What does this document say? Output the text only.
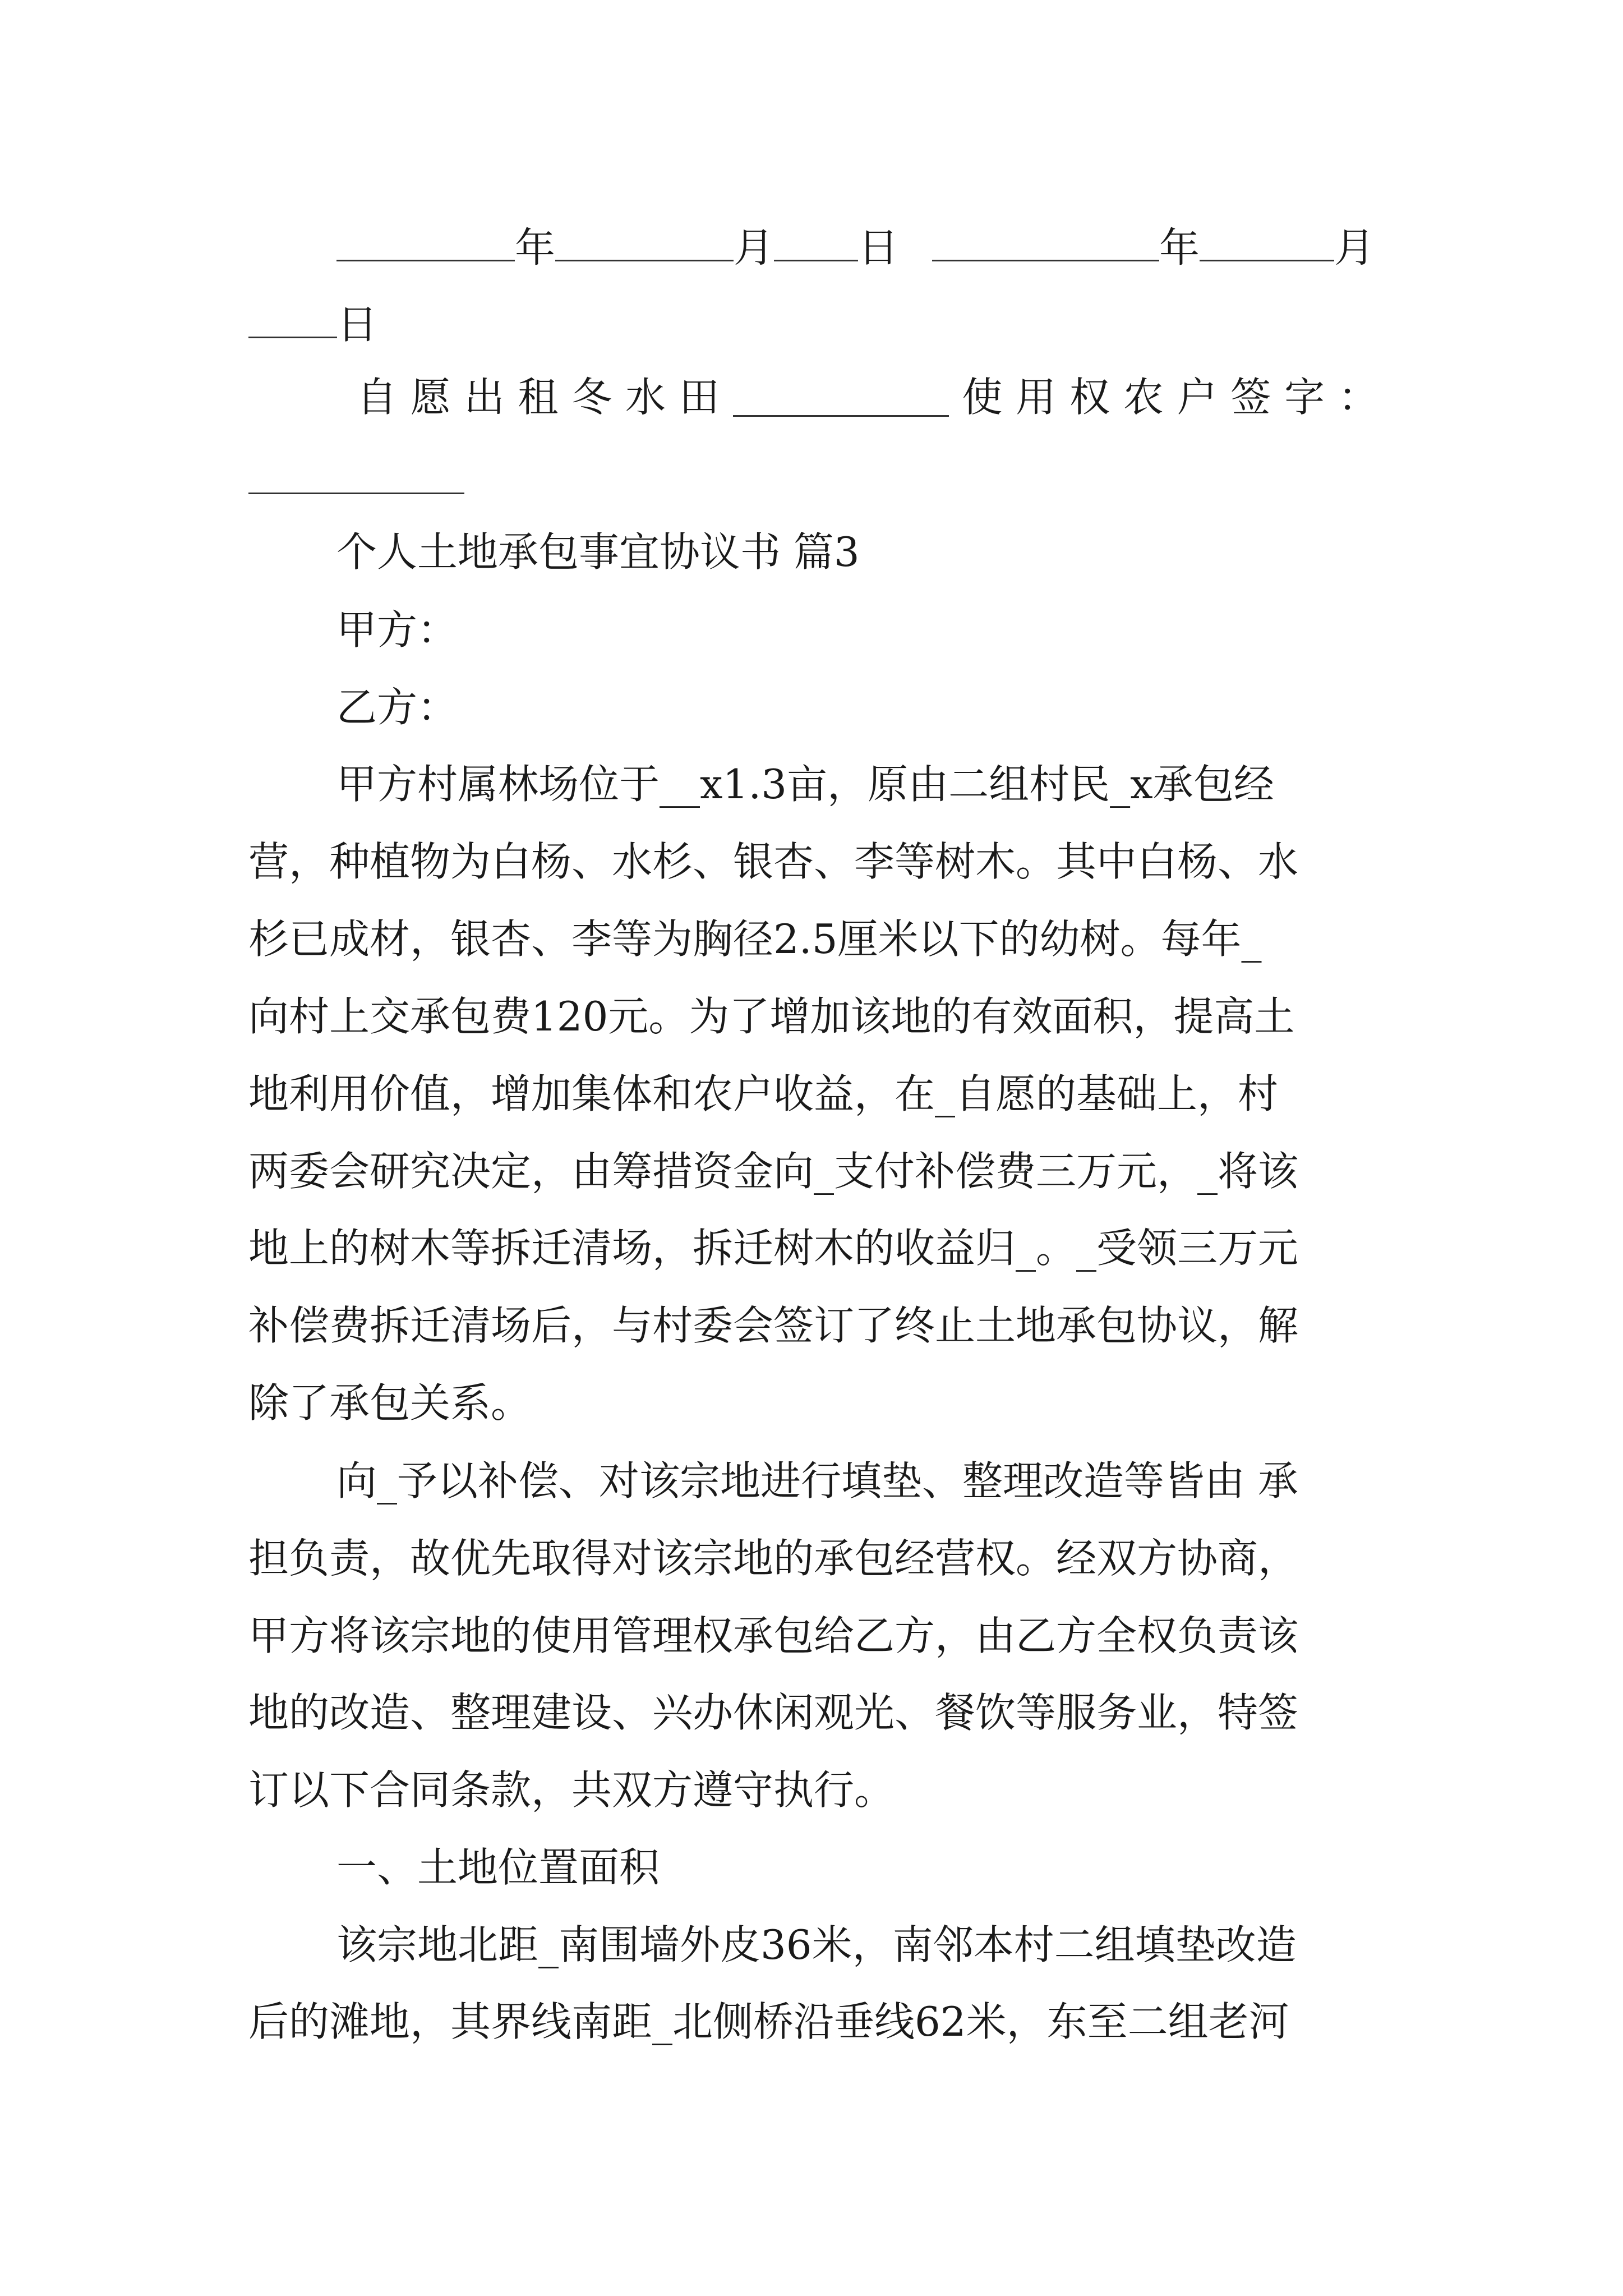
年	月 日	年	月
日
自 愿 出 租 冬 水 田	使 用 权 农 户 签 字 ：
个人土地承包事宜协议书 篇3
甲方：
乙方：
甲方村属林场位于__x1.3亩，原由二组村民_x承包经
营，种植物为白杨、水杉、银杏、李等树木。其中白杨、水
杉已成材，银杏、李等为胸径2.5厘米以下的幼树。每年_
向村上交承包费120元。为了增加该地的有效面积，提高土
地利用价值，增加集体和农户收益，在_自愿的基础上，村
两委会研究决定，由筹措资金向_支付补偿费三万元，_将该
地上的树木等拆迁清场，拆迁树木的收益归_。_受领三万元
补偿费拆迁清场后，与村委会签订了终止土地承包协议，解
除了承包关系。
向_予以补偿、对该宗地进行填垫、整理改造等皆由 承
担负责，故优先取得对该宗地的承包经营权。经双方协商，
甲方将该宗地的使用管理权承包给乙方，由乙方全权负责该
地的改造、整理建设、兴办休闲观光、餐饮等服务业，特签
订以下合同条款，共双方遵守执行。
一、土地位置面积
该宗地北距_南围墙外皮36米，南邻本村二组填垫改造
后的滩地，其界线南距_北侧桥沿垂线62米，东至二组老河
